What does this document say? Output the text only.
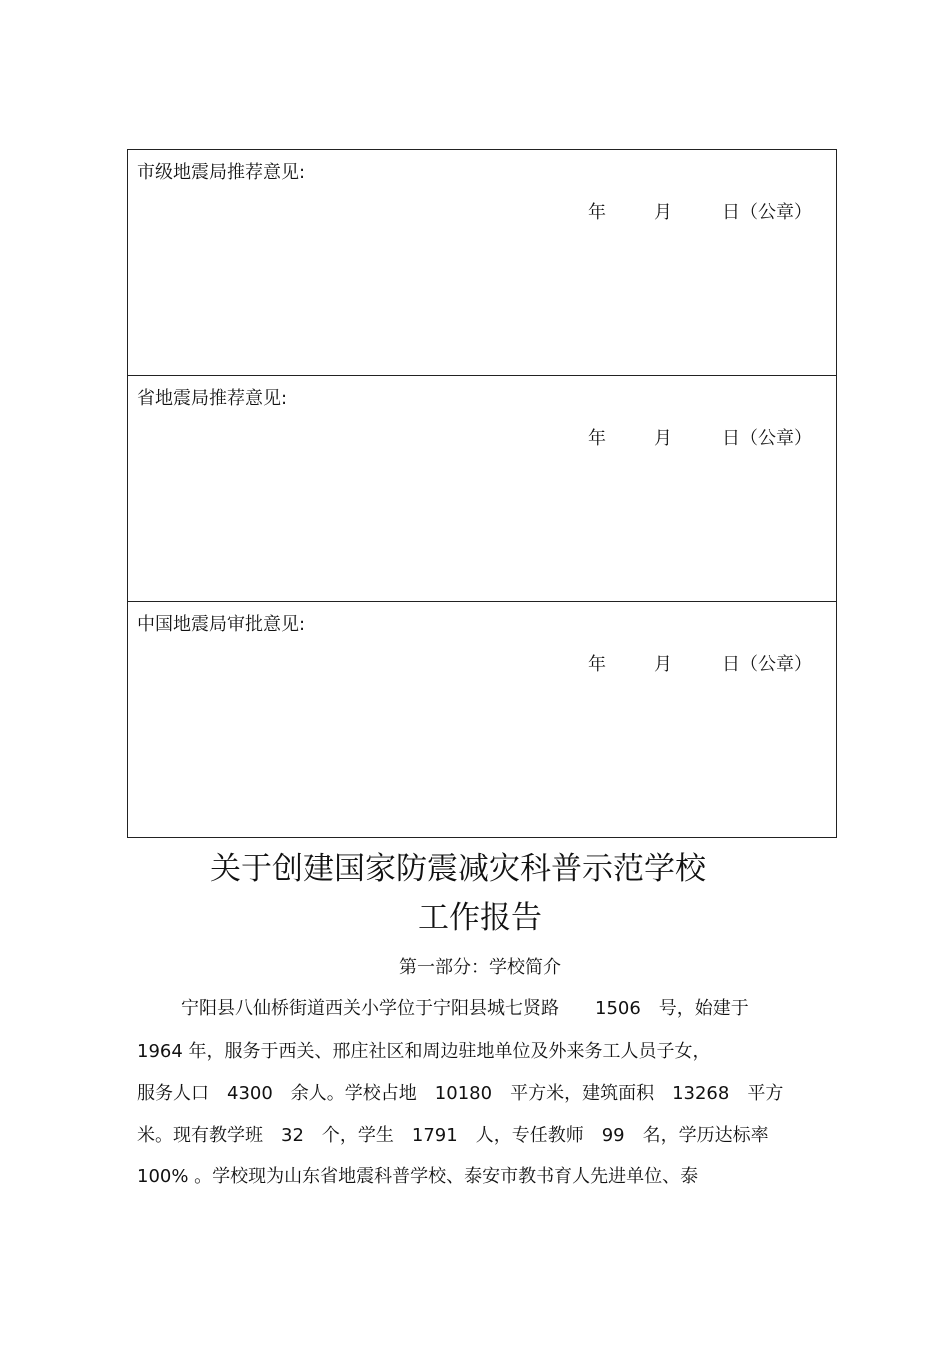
市级地震局推荐意见:
年	月	日（公章）
省地震局推荐意见:
年	月	日（公章）
中国地震局审批意见:
年	月	日（公章）
关于创建国家防震减灾科普示范学校
工作报告
第一部分：学校简介
宁阳县八仙桥街道西关小学位于宁阳县城七贤路　　1506　号，始建于
1964 年，服务于西关、邢庄社区和周边驻地单位及外来务工人员子女，
服务人口　4300　余人。学校占地　10180　平方米，建筑面积　13268　平方
米。现有教学班　32　个，学生　1791　人，专任教师　99　名，学历达标率
100% 。学校现为山东省地震科普学校、泰安市教书育人先进单位、泰
